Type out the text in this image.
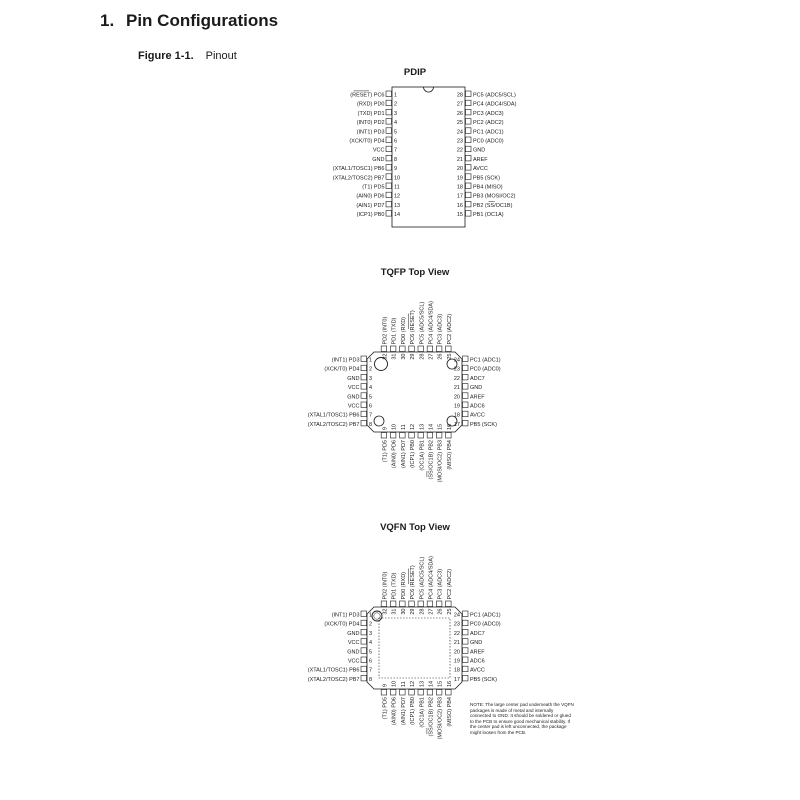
1. Pin Configurations
Figure 1-1. Pinout
PDIP
TQFP Top View
VQFN Top View
(RESET) PC6 1
(RXD) PD0 2
(TXD) PD1 3
(INT0) PD2 4
(INT1) PD3 5
(XCK/T0) PD4 6
VCC 7
GND 8
(XTAL1/TOSC1) PB6 9
(XTAL2/TOSC2) PB7 10
(T1) PD5 11
(AIN0) PD6 12
(AIN1) PD7 13
(ICP1) PB0 14
28 PC5 (ADC5/SCL)
27 PC4 (ADC4/SDA)
26 PC3 (ADC3)
25 PC2 (ADC2)
24 PC1 (ADC1)
23 PC0 (ADC0)
22 GND
21 AREF
20 AVCC
19 PB5 (SCK)
18 PB4 (MISO)
17 PB3 (MOSI/OC2)
16 PB2 (SS/OC1B)
15 PB1 (OC1A)
(INT1) PD3 1
(XCK/T0) PD4 2
GND 3
VCC 4
GND 5
VCC 6
(XTAL1/TOSC1) PB6 7
(XTAL2/TOSC2) PB7 8
24 PC1 (ADC1)
23 PC0 (ADC0)
22 ADC7
21 GND
20 AREF
19 ADC6
18 AVCC
17 PB5 (SCK)
PD2 (INT0)
32
PD1 (TXD)
31
PD0 (RXD)
30
PC6 (RESET)
29
PC5 (ADC5/SCL)
28
PC4 (ADC4/SDA)
27
PC3 (ADC3)
26
PC2 (ADC2)
25
9
(T1) PD5
10
(AIN0) PD6
11
(AIN1) PD7
12
(ICP1) PB0
13
(OC1A) PB1
14
(SS/OC1B) PB2
15
(MOSI/OC2) PB3
16
(MISO) PB4
(INT1) PD3 1
(XCK/T0) PD4 2
GND 3
VCC 4
GND 5
VCC 6
(XTAL1/TOSC1) PB6 7
(XTAL2/TOSC2) PB7 8
24 PC1 (ADC1)
23 PC0 (ADC0)
22 ADC7
21 GND
20 AREF
19 ADC6
18 AVCC
17 PB5 (SCK)
PD2 (INT0)
32
PD1 (TXD)
31
PD0 (RXD)
30
PC6 (RESET)
29
PC5 (ADC5/SCL)
28
PC4 (ADC4/SDA)
27
PC3 (ADC3)
26
PC2 (ADC2)
25
9
(T1) PD5
10
(AIN0) PD6
11
(AIN1) PD7
12
(ICP1) PB0
13
(OC1A) PB1
14
(SS/OC1B) PB2
15
(MOSI/OC2) PB3
16
(MISO) PB4	NOTE: The large center pad underneath the VQFN packages is made of metal and internally connected to GND. It should be soldered or glued to the PCB to ensure good mechanical stability. If the center pad is left unconnected, the package might loosen from the PCB.
